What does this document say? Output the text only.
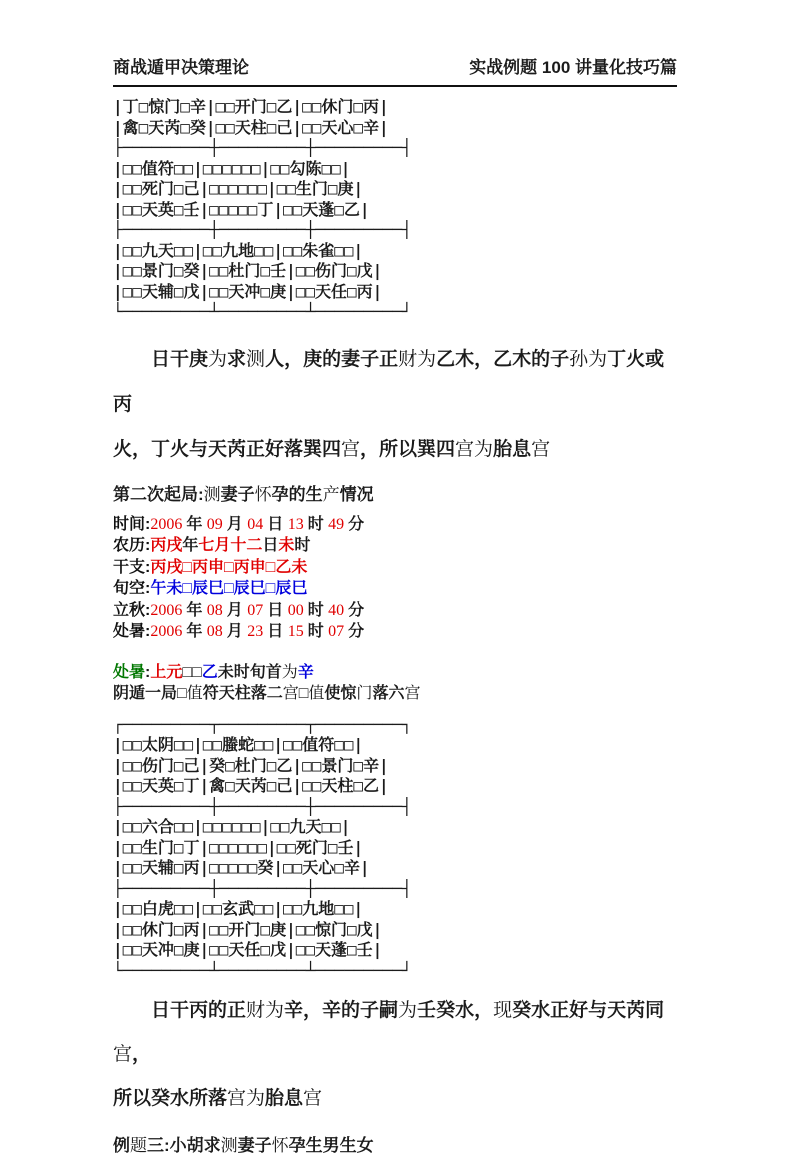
商战遁甲决策理论	实战例题 100 讲量化技巧篇
|丁□惊门□辛|□□开门□乙|□□休门□丙|
|禽□天芮□癸|□□天柱□己|□□天心□辛|
├─────────┼─────────┼─────────┤
|□□值符□□|□□□□□□|□□勾陈□□|
|□□死门□己|□□□□□□|□□生门□庚|
|□□天英□壬|□□□□□丁|□□天蓬□乙|
├─────────┼─────────┼─────────┤
|□□九天□□|□□九地□□|□□朱雀□□|
|□□景门□癸|□□杜门□壬|□□伤门□戊|
|□□天辅□戊|□□天冲□庚|□□天任□丙|
└─────────┴─────────┴─────────┘

日干庚为求测人，庚的妻子正财为乙木，乙木的子孙为丁火或丙
火，丁火与天芮正好落巽四宫，所以巽四宫为胎息宫

第二次起局:测妻子怀孕的生产情况
时间:2006 年 09 月 04 日 13 时 49 分
农历:丙戌年七月十二日未时
干支:丙戌□丙申□丙申□乙未
旬空:午未□辰巳□辰巳□辰巳
立秋:2006 年 08 月 07 日 00 时 40 分
处暑:2006 年 08 月 23 日 15 时 07 分
处暑:上元□□乙未时旬首为辛
阴遁一局□值符天柱落二宫□值使惊门落六宫
┌─────────┬─────────┬─────────┐
|□□太阴□□|□□螣蛇□□|□□值符□□|
|□□伤门□己|癸□杜门□乙|□□景门□辛|
|□□天英□丁|禽□天芮□己|□□天柱□乙|
├─────────┼─────────┼─────────┤
|□□六合□□|□□□□□□|□□九天□□|
|□□生门□丁|□□□□□□|□□死门□壬|
|□□天辅□丙|□□□□□癸|□□天心□辛|
├─────────┼─────────┼─────────┤
|□□白虎□□|□□玄武□□|□□九地□□|
|□□休门□丙|□□开门□庚|□□惊门□戊|
|□□天冲□庚|□□天任□戊|□□天蓬□壬|
└─────────┴─────────┴─────────┘

日干丙的正财为辛，辛的子嗣为壬癸水，现癸水正好与天芮同宫，
所以癸水所落宫为胎息宫

例题三:小胡求测妻子怀孕生男生女
